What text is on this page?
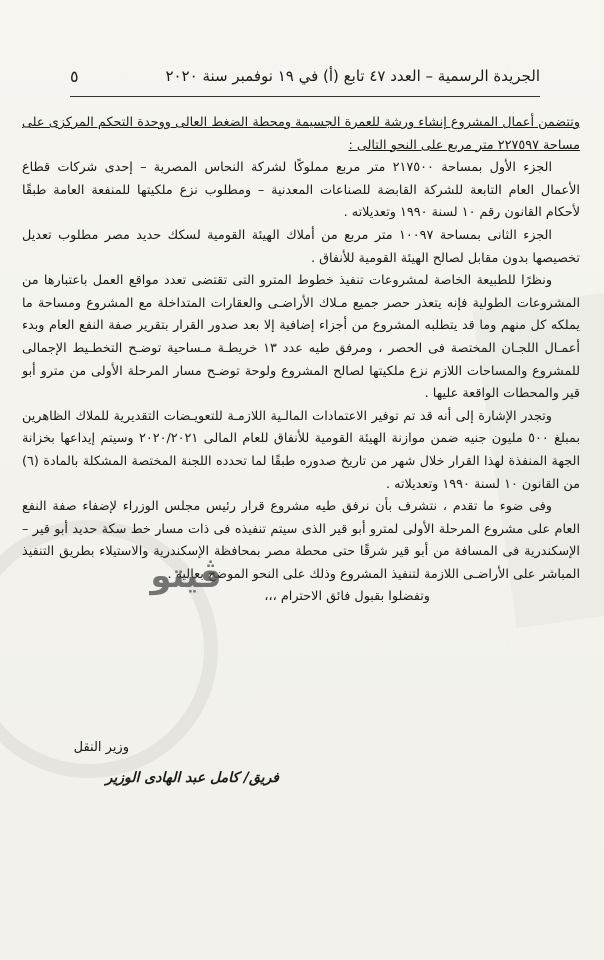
الجريدة الرسمية – العدد ٤٧ تابع (أ) في ١٩ نوفمبر سنة ٢٠٢٠
٥

وتتضمن أعمال المشروع إنشاء ورشة للعمرة الجسيمة ومحطة الضغط العالى ووحدة التحكم المركزى على مساحة ٢٢٧٥٩٧ متر مربع على النحو التالى :

الجزء الأول بمساحة ٢١٧٥٠٠ متر مربع مملوكًا لشركة النحاس المصرية – إحدى شركات قطاع الأعمال العام التابعة للشركة القابضة للصناعات المعدنية – ومطلوب نزع ملكيتها للمنفعة العامة طبقًا لأحكام القانون رقم ١٠ لسنة ١٩٩٠ وتعديلاته .

الجزء الثانى بمساحة ١٠٠٩٧ متر مربع من أملاك الهيئة القومية لسكك حديد مصر مطلوب تعديل تخصيصها بدون مقابل لصالح الهيئة القومية للأنفاق .

ونظرًا للطبيعة الخاصة لمشروعات تنفيذ خطوط المترو التى تقتضى تعدد مواقع العمل باعتبارها من المشروعات الطولية فإنه يتعذر حصر جميع مـلاك الأراضـى والعقارات المتداخلة مع المشروع ومساحة ما يملكه كل منهم وما قد يتطلبه المشروع من أجزاء إضافية إلا بعد صدور القرار بتقرير صفة النفع العام وبدء أعمـال اللجـان المختصة فى الحصر ، ومرفق طيه عدد ١٣ خريطـة مـساحية توضـح التخطـيط الإجمالى للمشروع والمساحات اللازم نزع ملكيتها لصالح المشروع ولوحة توضـح مسار المرحلة الأولى من مترو أبو قير والمحطات الواقعة عليها .

وتجدر الإشارة إلى أنه قد تم توفير الاعتمادات المالـية اللازمـة للتعويـضات التقديرية للملاك الظاهرين بمبلغ ٥٠٠ مليون جنيه ضمن موازنة الهيئة القومية للأنفاق للعام المالى ٢٠٢٠/٢٠٢١ وسيتم إيداعها بخزانة الجهة المنفذة لهذا القرار خلال شهر من تاريخ صدوره طبقًا لما تحدده اللجنة المختصة المشكلة بالمادة (٦) من القانون ١٠ لسنة ١٩٩٠ وتعديلاته .

وفى ضوء ما تقدم ، نتشرف بأن نرفق طيه مشروع قرار رئيس مجلس الوزراء لإضفاء صفة النفع العام على مشروع المرحلة الأولى لمترو أبو قير الذى سيتم تنفيذه فى ذات مسار خط سكة حديد أبو قير – الإسكندرية فى المسافة من أبو قير شرقًا حتى محطة مصر بمحافظة الإسكندرية والاستيلاء بطريق التنفيذ المباشر على الأراضـى اللازمة لتنفيذ المشروع وذلك على النحو الموضح بعاليه .

وتفضلوا بقبول فائق الاحترام ،،،

ڤيتو
وزير النقل
فريق/ كامل عبد الهادى الوزير
